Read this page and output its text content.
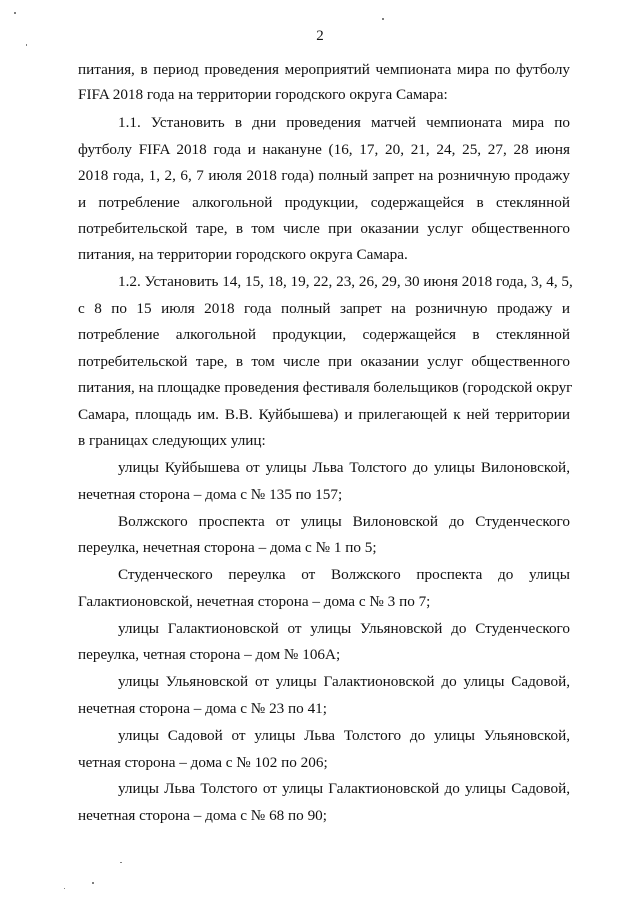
2
питания, в период проведения мероприятий чемпионата мира по футболу
FIFA 2018 года на территории городского округа Самара:
1.1. Установить в дни проведения матчей чемпионата мира по
футболу FIFA 2018 года и накануне (16, 17, 20, 21, 24, 25, 27, 28 июня
2018 года, 1, 2, 6, 7 июля 2018 года) полный запрет на розничную продажу
и потребление алкогольной продукции, содержащейся в стеклянной
потребительской таре, в том числе при оказании услуг общественного
питания, на территории городского округа Самара.
1.2. Установить 14, 15, 18, 19, 22, 23, 26, 29, 30 июня 2018 года, 3, 4, 5,
с 8 по 15 июля 2018 года полный запрет на розничную продажу и
потребление алкогольной продукции, содержащейся в стеклянной
потребительской таре, в том числе при оказании услуг общественного
питания, на площадке проведения фестиваля болельщиков (городской округ
Самара, площадь им. В.В. Куйбышева) и прилегающей к ней территории
в границах следующих улиц:
улицы Куйбышева от улицы Льва Толстого до улицы Вилоновской,
нечетная сторона – дома с № 135 по 157;
Волжского проспекта от улицы Вилоновской до Студенческого
переулка, нечетная сторона – дома с № 1 по 5;
Студенческого переулка от Волжского проспекта до улицы
Галактионовской, нечетная сторона – дома с № 3 по 7;
улицы Галактионовской от улицы Ульяновской до Студенческого
переулка, четная сторона – дом № 106А;
улицы Ульяновской от улицы Галактионовской до улицы Садовой,
нечетная сторона – дома с № 23 по 41;
улицы Садовой от улицы Льва Толстого до улицы Ульяновской,
четная сторона – дома с № 102 по 206;
улицы Льва Толстого от улицы Галактионовской до улицы Садовой,
нечетная сторона – дома с № 68 по 90;
